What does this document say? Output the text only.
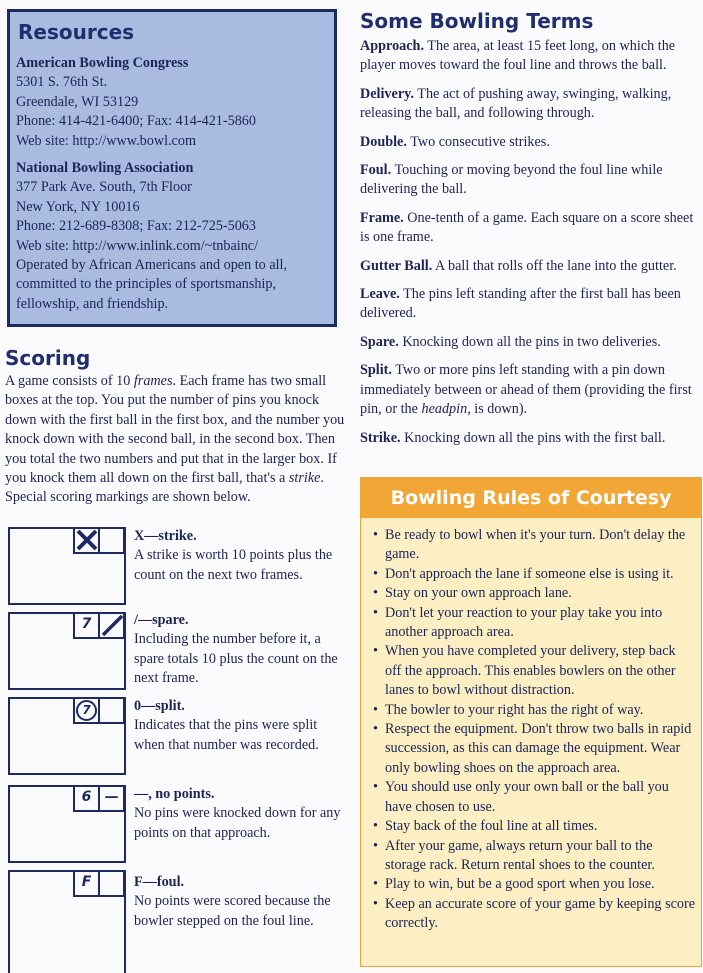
Resources
American Bowling Congress
5301 S. 76th St.
Greendale, WI 53129
Phone: 414-421-6400; Fax: 414-421-5860
Web site: http://www.bowl.com
National Bowling Association
377 Park Ave. South, 7th Floor
New York, NY 10016
Phone: 212-689-8308; Fax: 212-725-5063
Web site: http://www.inlink.com/~tnbainc/
Operated by African Americans and open to all, committed to the principles of sportsmanship, fellowship, and friendship.
Scoring
A game consists of 10 frames. Each frame has two small boxes at the top. You put the number of pins you knock down with the first ball in the first box, and the number you knock down with the second ball, in the second box. Then you total the two numbers and put that in the larger box. If you knock them all down on the first ball, that's a strike. Special scoring markings are shown below.
X—strike.
A strike is worth 10 points plus the count on the next two frames.
7	/—spare.
Including the number before it, a spare totals 10 plus the count on the next frame.
7	0—split.
Indicates that the pins were split when that number was recorded.
6 —	—, no points.
No pins were knocked down for any points on that approach.
F	F—foul.
No points were scored because the bowler stepped on the foul line.
Some Bowling Terms
Approach. The area, at least 15 feet long, on which the player moves toward the foul line and throws the ball.
Delivery. The act of pushing away, swinging, walking, releasing the ball, and following through.
Double. Two consecutive strikes.
Foul. Touching or moving beyond the foul line while delivering the ball.
Frame. One-tenth of a game. Each square on a score sheet is one frame.
Gutter Ball. A ball that rolls off the lane into the gutter.
Leave. The pins left standing after the first ball has been delivered.
Spare. Knocking down all the pins in two deliveries.
Split. Two or more pins left standing with a pin down immediately between or ahead of them (providing the first pin, or the headpin, is down).
Strike. Knocking down all the pins with the first ball.
Bowling Rules of Courtesy
• Be ready to bowl when it's your turn. Don't delay the game.
• Don't approach the lane if someone else is using it.
• Stay on your own approach lane.
• Don't let your reaction to your play take you into another approach area.
• When you have completed your delivery, step back off the approach. This enables bowlers on the other lanes to bowl without distraction.
• The bowler to your right has the right of way.
• Respect the equipment. Don't throw two balls in rapid succession, as this can damage the equipment. Wear only bowling shoes on the approach area.
• You should use only your own ball or the ball you have chosen to use.
• Stay back of the foul line at all times.
• After your game, always return your ball to the storage rack. Return rental shoes to the counter.
• Play to win, but be a good sport when you lose.
• Keep an accurate score of your game by keeping score correctly.
